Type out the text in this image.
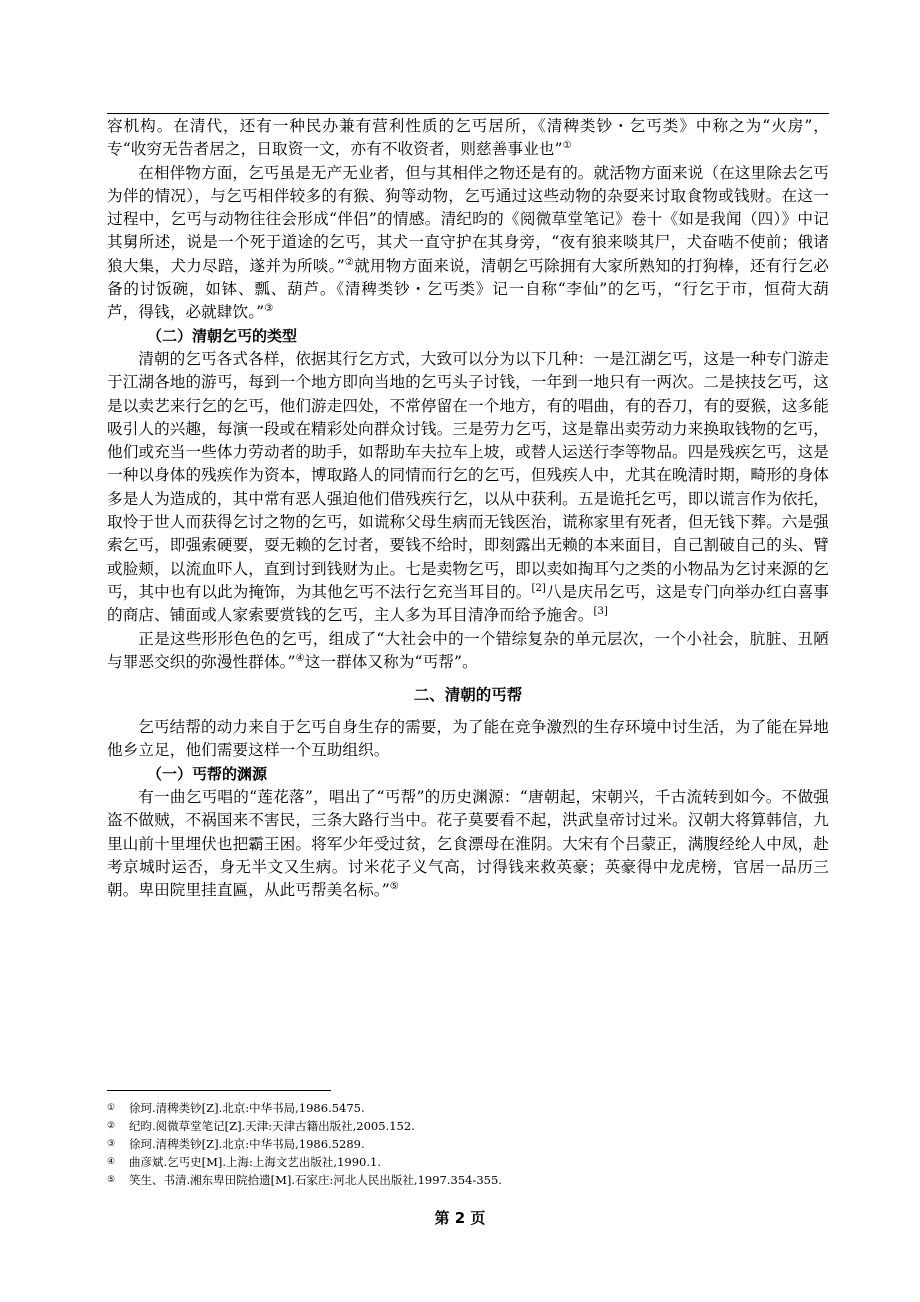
容机构。在清代，还有一种民办兼有营利性质的乞丐居所，《清稗类钞・乞丐类》中称之为“火房”，专“收穷无告者居之，日取资一文，亦有不收资者，则慈善事业也”①

在相伴物方面，乞丐虽是无产无业者，但与其相伴之物还是有的。就活物方面来说（在这里除去乞丐为伴的情况），与乞丐相伴较多的有猴、狗等动物，乞丐通过这些动物的杂耍来讨取食物或钱财。在这一过程中，乞丐与动物往往会形成“伴侣”的情感。清纪昀的《阅微草堂笔记》卷十《如是我闻（四）》中记其舅所述，说是一个死于道途的乞丐，其犬一直守护在其身旁，“夜有狼来啖其尸，犬奋啮不使前；俄诸狼大集，犬力尽踣，遂并为所啖。”②就用物方面来说，清朝乞丐除拥有大家所熟知的打狗棒，还有行乞必备的讨饭碗，如钵、瓢、葫芦。《清稗类钞・乞丐类》记一自称“李仙”的乞丐，“行乞于市，恒荷大葫芦，得钱，必就肆饮。”③

（二）清朝乞丐的类型

清朝的乞丐各式各样，依据其行乞方式，大致可以分为以下几种：一是江湖乞丐，这是一种专门游走于江湖各地的游丐，每到一个地方即向当地的乞丐头子讨钱，一年到一地只有一两次。二是挟技乞丐，这是以卖艺来行乞的乞丐，他们游走四处，不常停留在一个地方，有的唱曲，有的吞刀，有的耍猴，这多能吸引人的兴趣，每演一段或在精彩处向群众讨钱。三是劳力乞丐，这是靠出卖劳动力来换取钱物的乞丐，他们或充当一些体力劳动者的助手，如帮助车夫拉车上坡，或替人运送行李等物品。四是残疾乞丐，这是一种以身体的残疾作为资本，博取路人的同情而行乞的乞丐，但残疾人中，尤其在晚清时期，畸形的身体多是人为造成的，其中常有恶人强迫他们借残疾行乞，以从中获利。五是诡托乞丐，即以谎言作为依托，取怜于世人而获得乞讨之物的乞丐，如谎称父母生病而无钱医治，谎称家里有死者，但无钱下葬。六是强索乞丐，即强索硬要，耍无赖的乞讨者，要钱不给时，即刻露出无赖的本来面目，自己割破自己的头、臂或脸颊，以流血吓人，直到讨到钱财为止。七是卖物乞丐，即以卖如掏耳勺之类的小物品为乞讨来源的乞丐，其中也有以此为掩饰，为其他乞丐不法行乞充当耳目的。[2]八是庆吊乞丐，这是专门向举办红白喜事的商店、铺面或人家索要赏钱的乞丐，主人多为耳目清净而给予施舍。[3]

正是这些形形色色的乞丐，组成了“大社会中的一个错综复杂的单元层次，一个小社会，肮脏、丑陋与罪恶交织的弥漫性群体。”④这一群体又称为“丐帮”。

二、清朝的丐帮

乞丐结帮的动力来自于乞丐自身生存的需要，为了能在竞争激烈的生存环境中讨生活，为了能在异地他乡立足，他们需要这样一个互助组织。

（一）丐帮的渊源

有一曲乞丐唱的“莲花落”，唱出了“丐帮”的历史渊源：“唐朝起，宋朝兴，千古流转到如今。不做强盗不做贼，不祸国来不害民，三条大路行当中。花子莫要看不起，洪武皇帝讨过米。汉朝大将算韩信，九里山前十里埋伏也把霸王困。将军少年受过贫，乞食漂母在淮阴。大宋有个吕蒙正，满腹经纶人中凤，赴考京城时运否，身无半文又生病。讨米花子义气高，讨得钱来救英豪；英豪得中龙虎榜，官居一品历三朝。卑田院里挂直匾，从此丐帮美名标。”⑤

① 徐珂.清稗类钞[Z].北京:中华书局,1986.5475.
② 纪昀.阅微草堂笔记[Z].天津:天津古籍出版社,2005.152.
③ 徐珂.清稗类钞[Z].北京:中华书局,1986.5289.
④ 曲彦斌.乞丐史[M].上海:上海文艺出版社,1990.1.
⑤ 笑生、书清.湘东卑田院拾遗[M].石家庄:河北人民出版社,1997.354-355.
第 2 页
